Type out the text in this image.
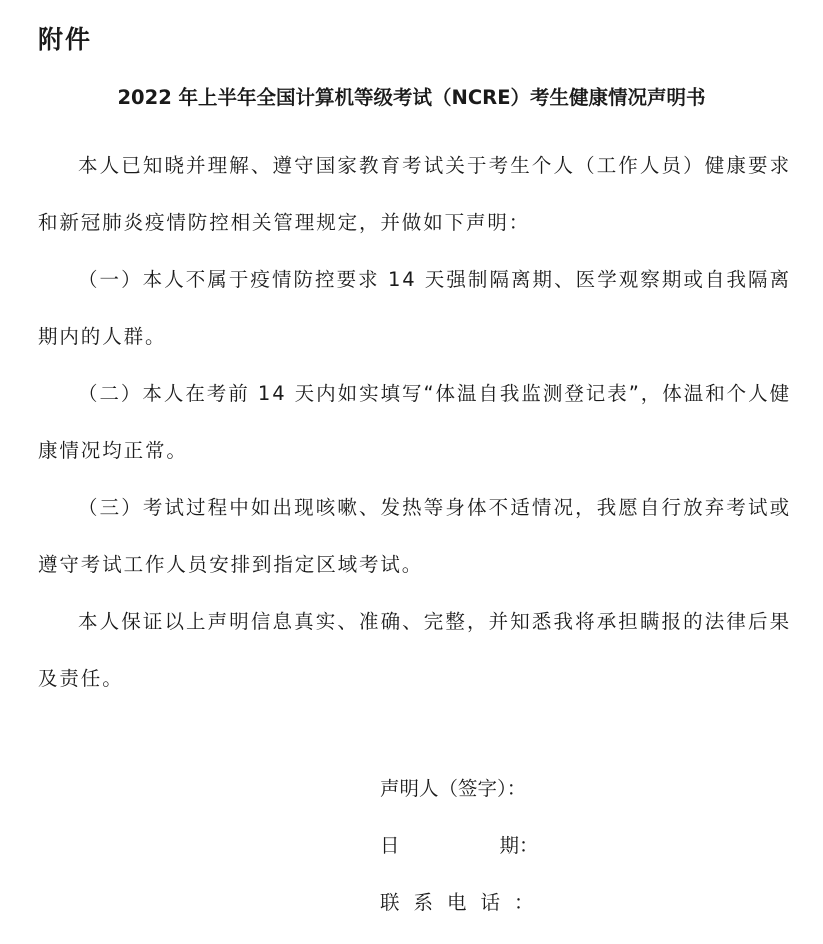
附件
2022 年上半年全国计算机等级考试（NCRE）考生健康情况声明书

本人已知晓并理解、遵守国家教育考试关于考生个人（工作人员）健康要求和新冠肺炎疫情防控相关管理规定，并做如下声明：

（一）本人不属于疫情防控要求 14 天强制隔离期、医学观察期或自我隔离期内的人群。

（二）本人在考前 14 天内如实填写“体温自我监测登记表”，体温和个人健康情况均正常。

（三）考试过程中如出现咳嗽、发热等身体不适情况，我愿自行放弃考试或遵守考试工作人员安排到指定区域考试。

本人保证以上声明信息真实、准确、完整，并知悉我将承担瞒报的法律后果及责任。

声明人（签字）：

日	期：

联系电话：
